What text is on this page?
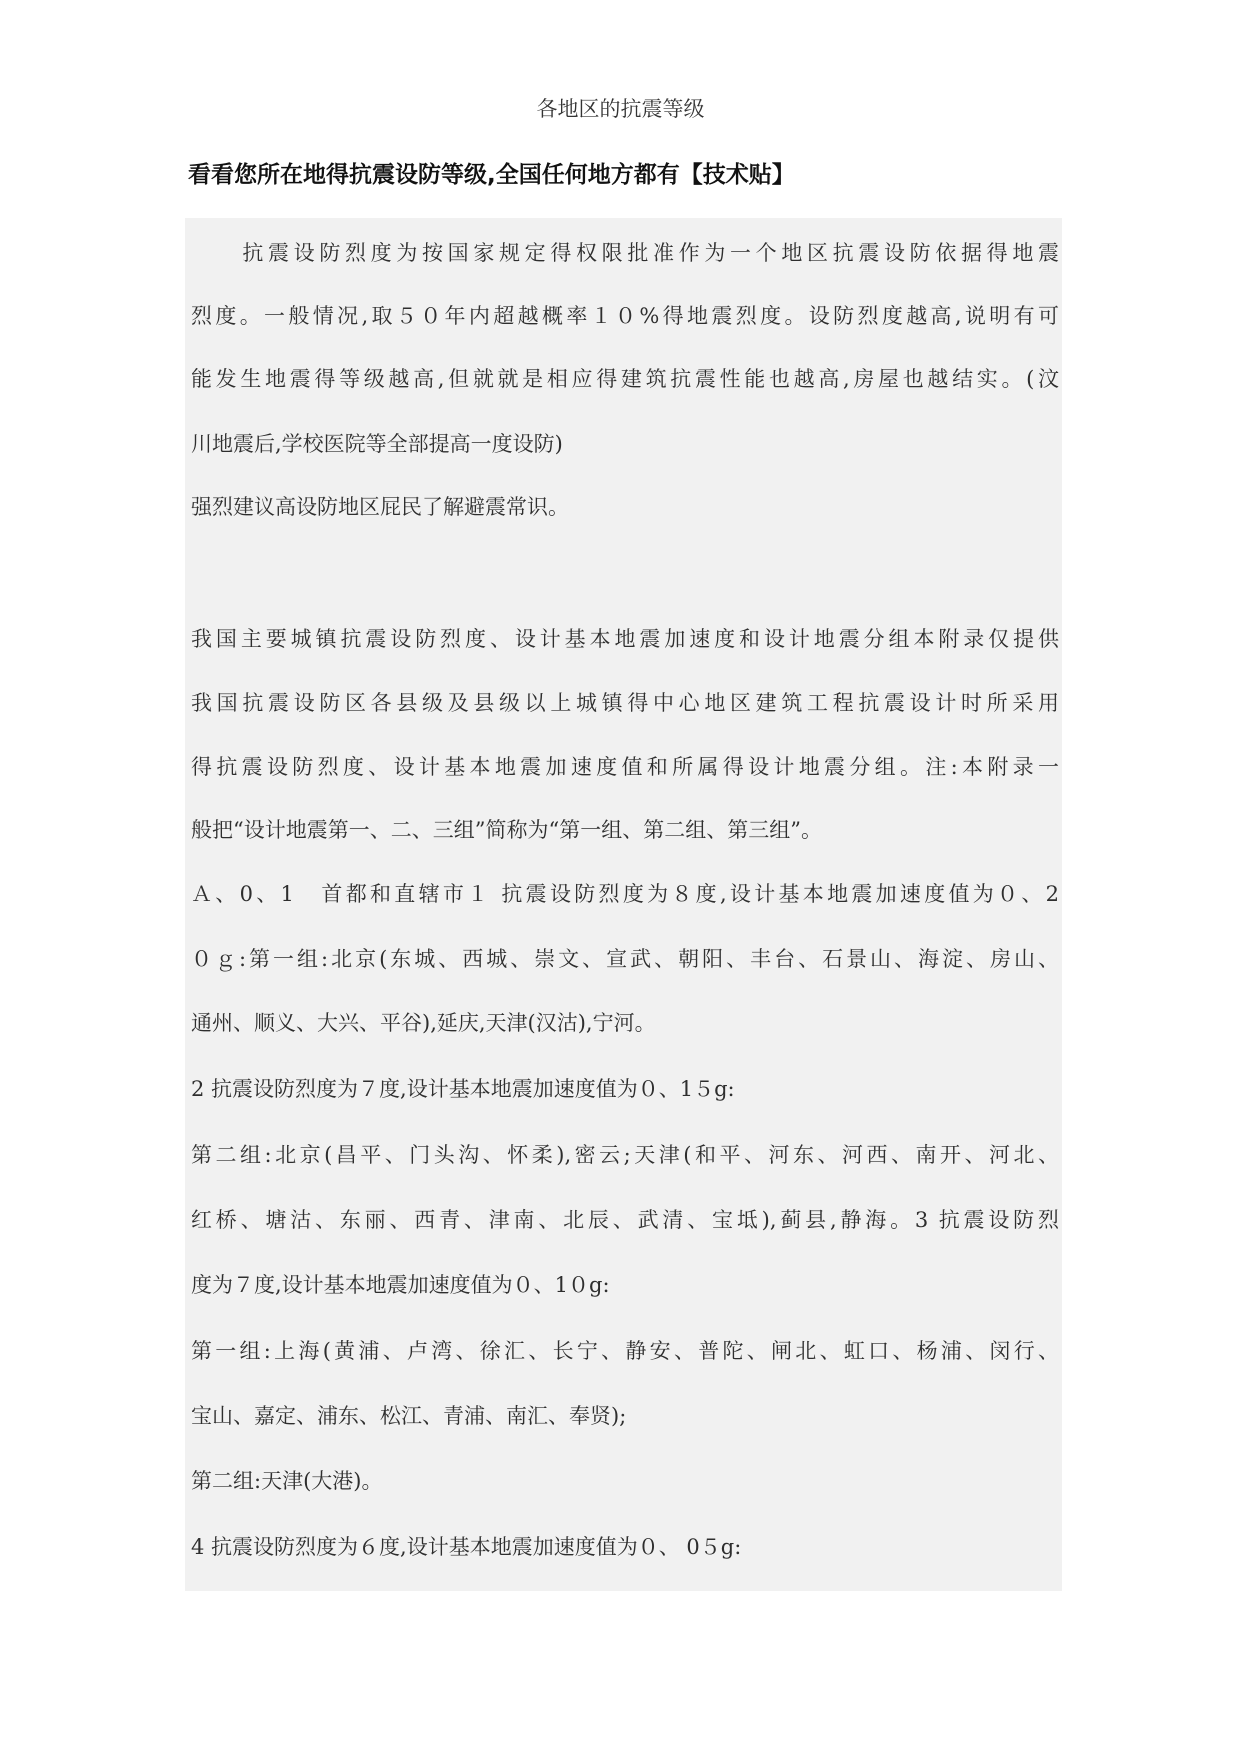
各地区的抗震等级
看看您所在地得抗震设防等级,全国任何地方都有【技术贴】
　　抗震设防烈度为按国家规定得权限批准作为一个地区抗震设防依据得地震
烈度。一般情况,取５０年内超越概率１０%得地震烈度。设防烈度越高,说明有可
能发生地震得等级越高,但就就是相应得建筑抗震性能也越高,房屋也越结实。(汶
川地震后,学校医院等全部提高一度设防)
强烈建议高设防地区屁民了解避震常识。
我国主要城镇抗震设防烈度、设计基本地震加速度和设计地震分组本附录仅提供
我国抗震设防区各县级及县级以上城镇得中心地区建筑工程抗震设计时所采用
得抗震设防烈度、设计基本地震加速度值和所属得设计地震分组。注:本附录一
般把“设计地震第一、二、三组”简称为“第一组、第二组、第三组”。
Ａ、0、1　首都和直辖市１ 抗震设防烈度为８度,设计基本地震加速度值为０、2
０ｇ:第一组:北京(东城、西城、崇文、宣武、朝阳、丰台、石景山、海淀、房山、
通州、顺义、大兴、平谷),延庆,天津(汉沽),宁河。
2 抗震设防烈度为７度,设计基本地震加速度值为０、1５g:
第二组:北京(昌平、门头沟、怀柔),密云;天津(和平、河东、河西、南开、河北、
红桥、塘沽、东丽、西青、津南、北辰、武清、宝坻),蓟县,静海。3 抗震设防烈
度为７度,设计基本地震加速度值为０、1０g:
第一组:上海(黄浦、卢湾、徐汇、长宁、静安、普陀、闸北、虹口、杨浦、闵行、
宝山、嘉定、浦东、松江、青浦、南汇、奉贤);
第二组:天津(大港)。
4 抗震设防烈度为６度,设计基本地震加速度值为０、 0５g:
